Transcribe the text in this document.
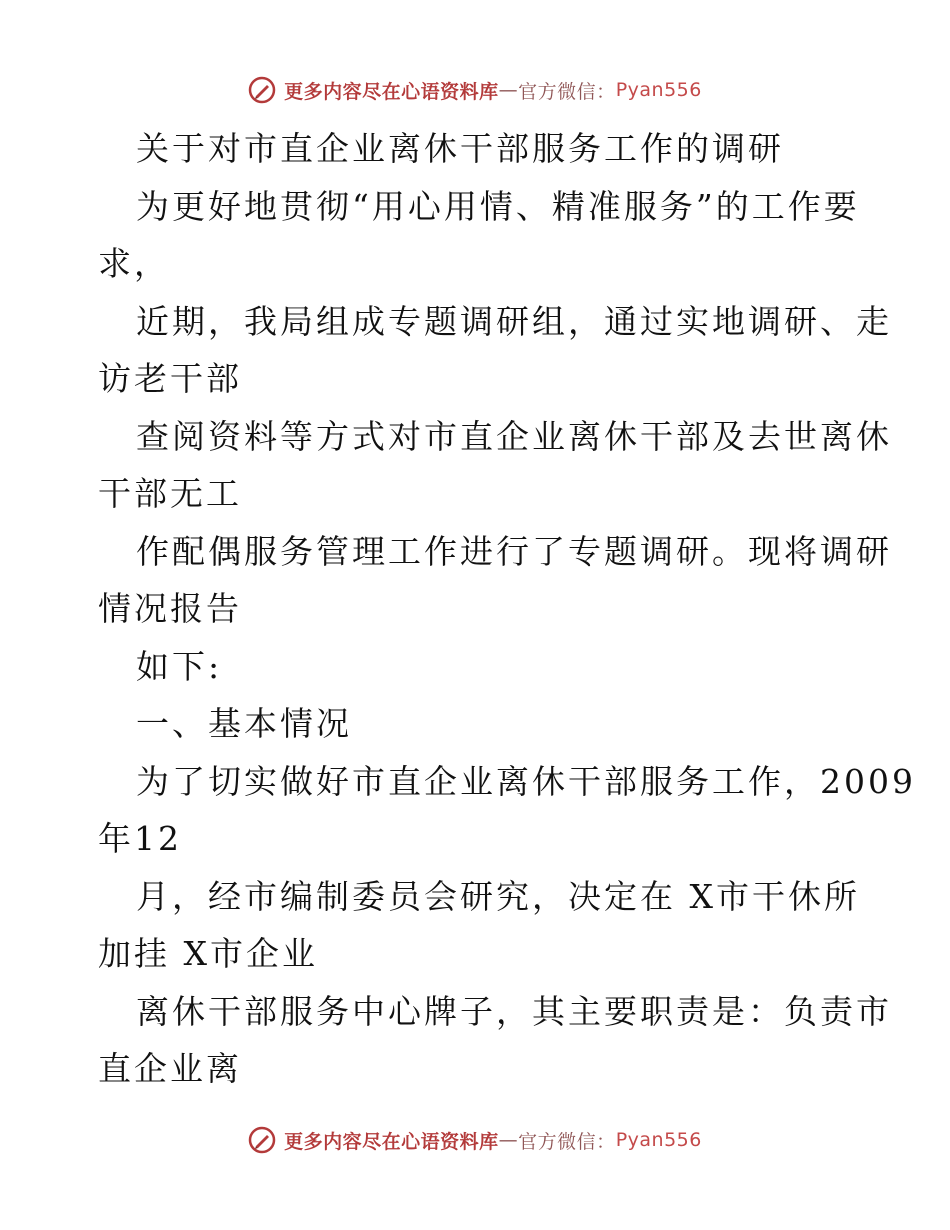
更多内容尽在心语资料库 — 官方微信： Pyan556
关于对市直企业离休干部服务工作的调研
为更好地贯彻“用心用情、精准服务”的工作要
求，
近期，我局组成专题调研组，通过实地调研、走
访老干部
查阅资料等方式对市直企业离休干部及去世离休
干部无工
作配偶服务管理工作进行了专题调研。现将调研
情况报告
如下:
一、基本情况
为了切实做好市直企业离休干部服务工作，2009
年12
月，经市编制委员会研究，决定在 X市干休所
加挂 X市企业
离休干部服务中心牌子，其主要职责是：负责市
直企业离
更多内容尽在心语资料库 — 官方微信： Pyan556
